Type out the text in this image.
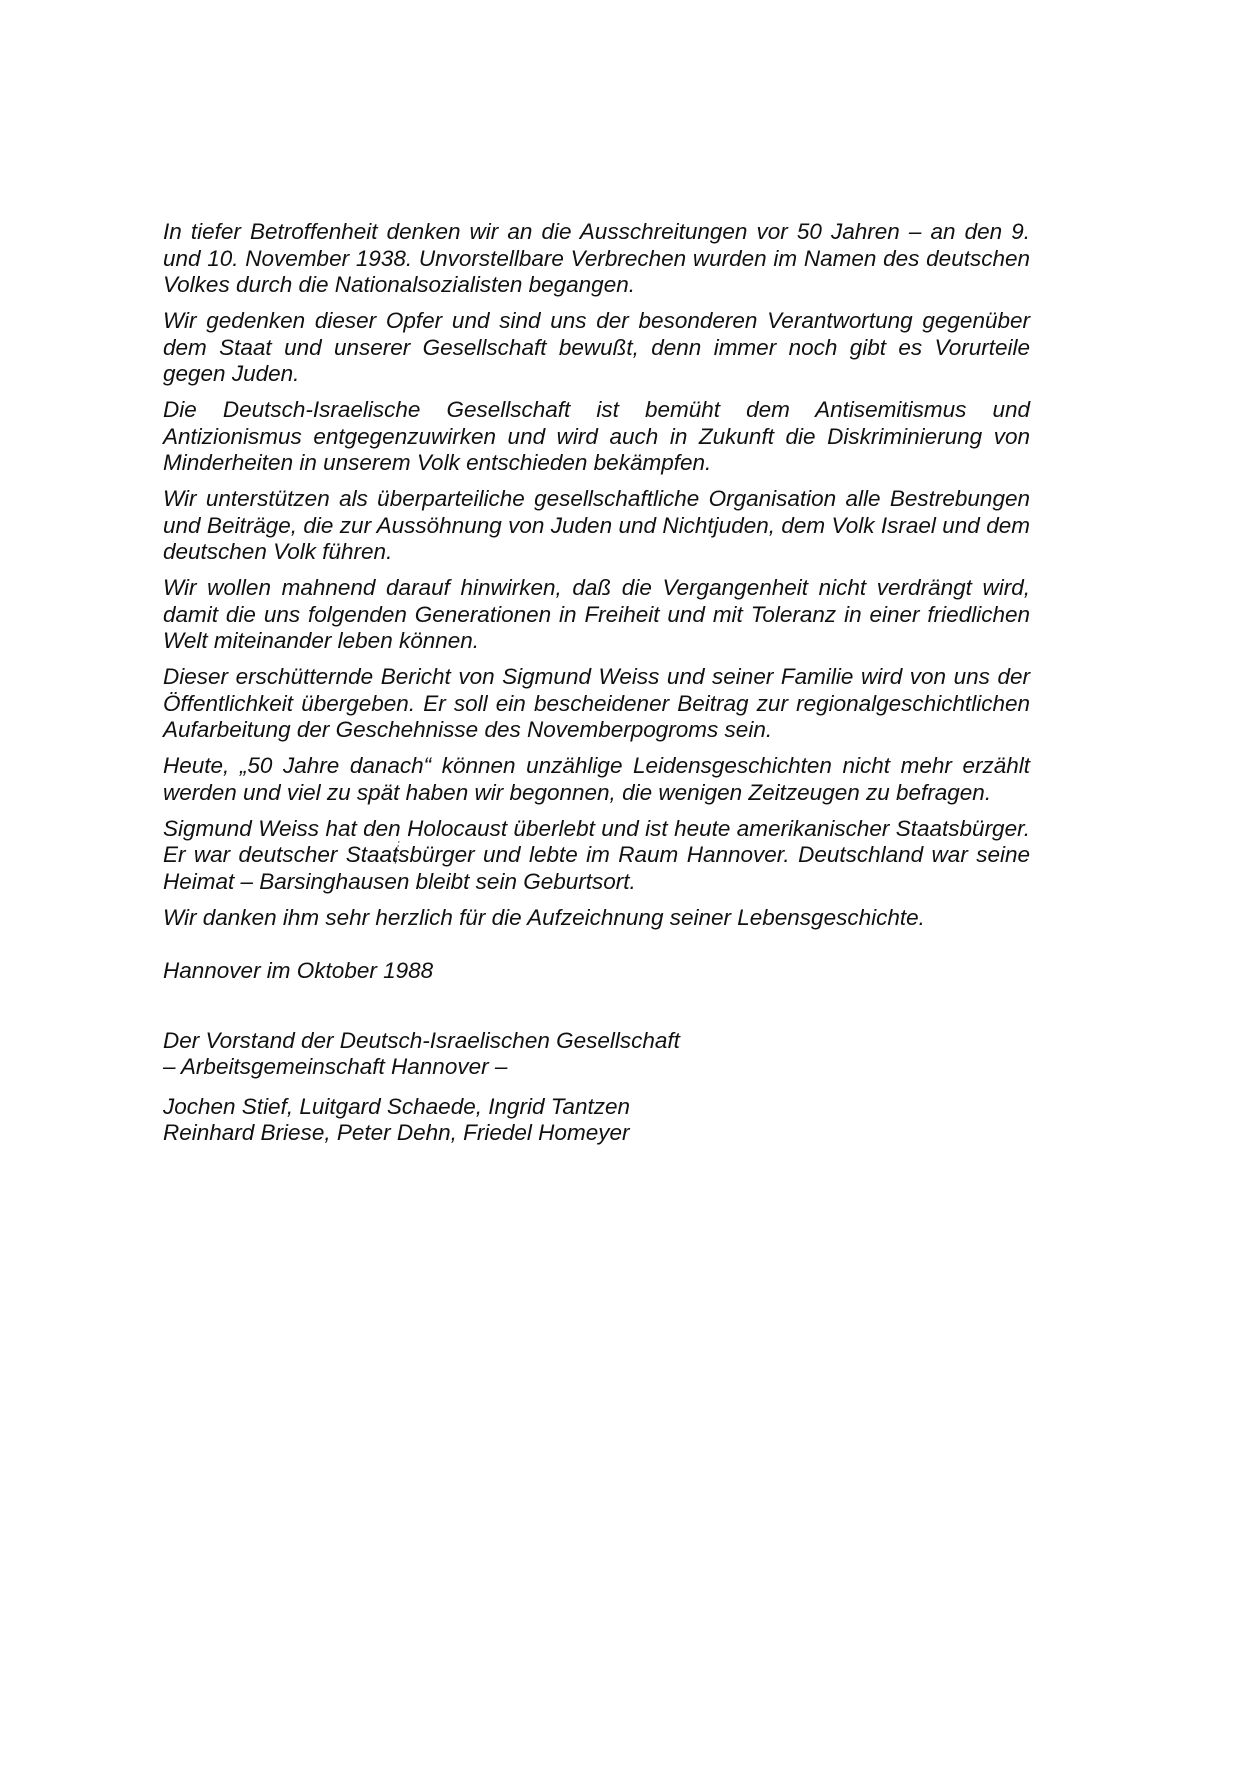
In tiefer Betroffenheit denken wir an die Ausschreitungen vor 50 Jahren – an den 9. und 10. November 1938. Unvorstellbare Verbrechen wurden im Namen des deutschen Volkes durch die Nationalsozialisten begangen.

Wir gedenken dieser Opfer und sind uns der besonderen Verantwortung gegenüber dem Staat und unserer Gesellschaft bewußt, denn immer noch gibt es Vorurteile gegen Juden.

Die Deutsch-Israelische Gesellschaft ist bemüht dem Antisemitismus und Antizionismus entgegenzuwirken und wird auch in Zukunft die Diskriminierung von Minderheiten in unserem Volk entschieden bekämpfen.

Wir unterstützen als überparteiliche gesellschaftliche Organisation alle Bestrebungen und Beiträge, die zur Aussöhnung von Juden und Nichtjuden, dem Volk Israel und dem deutschen Volk führen.

Wir wollen mahnend darauf hinwirken, daß die Vergangenheit nicht verdrängt wird, damit die uns folgenden Generationen in Freiheit und mit Toleranz in einer friedlichen Welt miteinander leben können.

Dieser erschütternde Bericht von Sigmund Weiss und seiner Familie wird von uns der Öffentlichkeit übergeben. Er soll ein bescheidener Beitrag zur regionalgeschichtlichen Aufarbeitung der Geschehnisse des Novemberpogroms sein.

Heute, „50 Jahre danach“ können unzählige Leidensgeschichten nicht mehr erzählt werden und viel zu spät haben wir begonnen, die wenigen Zeitzeugen zu befragen.

Sigmund Weiss hat den Holocaust überlebt und ist heute amerikanischer Staatsbürger. Er war deutscher Staatsbürger und lebte im Raum Hannover. Deutschland war seine Heimat – Barsinghausen bleibt sein Geburtsort.

Wir danken ihm sehr herzlich für die Aufzeichnung seiner Lebensgeschichte.

Hannover im Oktober 1988

Der Vorstand der Deutsch-Israelischen Gesellschaft

– Arbeitsgemeinschaft Hannover –

Jochen Stief, Luitgard Schaede, Ingrid Tantzen

Reinhard Briese, Peter Dehn, Friedel Homeyer
